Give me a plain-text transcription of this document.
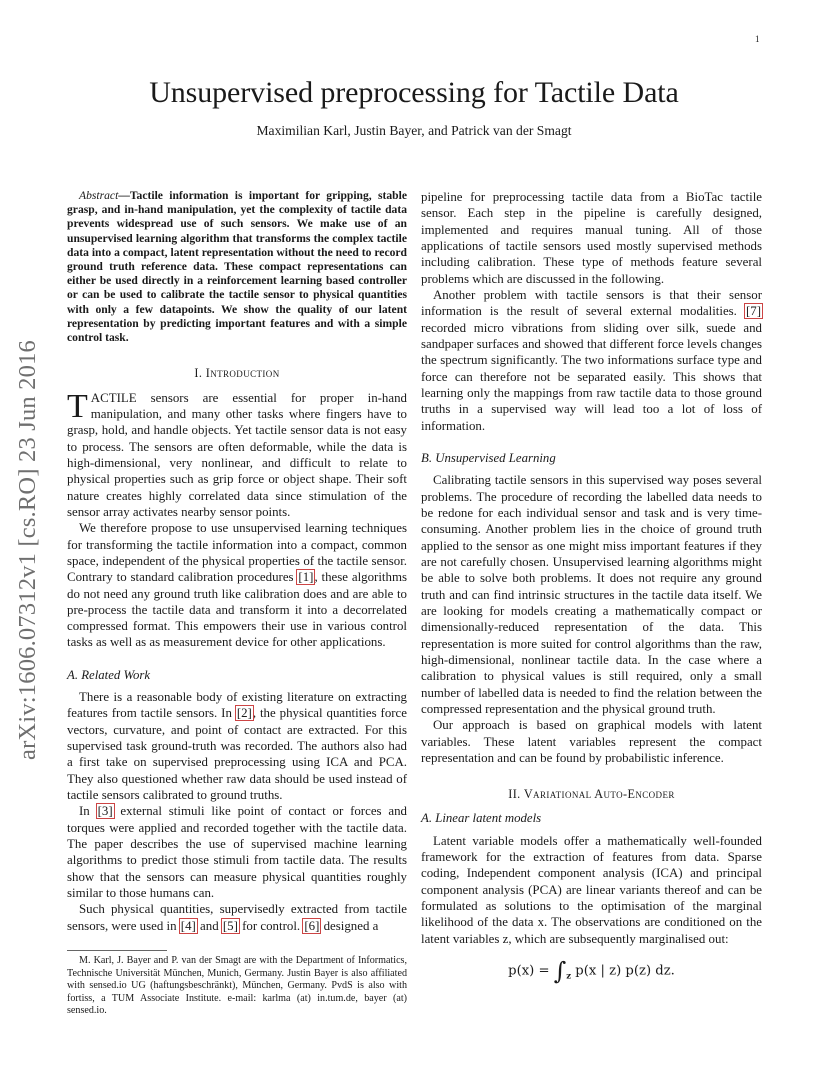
1
arXiv:1606.07312v1 [cs.RO] 23 Jun 2016
Unsupervised preprocessing for Tactile Data
Maximilian Karl, Justin Bayer, and Patrick van der Smagt

Abstract—Tactile information is important for gripping, stable grasp, and in-hand manipulation, yet the complexity of tactile data prevents widespread use of such sensors. We make use of an unsupervised learning algorithm that transforms the complex tactile data into a compact, latent representation without the need to record ground truth reference data. These compact representations can either be used directly in a reinforcement learning based controller or can be used to calibrate the tactile sensor to physical quantities with only a few datapoints. We show the quality of our latent representation by predicting important features and with a simple control task.

I. Introduction

TACTILE sensors are essential for proper in-hand manipulation, and many other tasks where fingers have to grasp, hold, and handle objects. Yet tactile sensor data is not easy to process. The sensors are often deformable, while the data is high-dimensional, very nonlinear, and difficult to relate to physical properties such as grip force or object shape. Their soft nature creates highly correlated data since stimulation of the sensor array activates nearby sensor points.

We therefore propose to use unsupervised learning techniques for transforming the tactile information into a compact, common space, independent of the physical properties of the tactile sensor. Contrary to standard calibration procedures [1], these algorithms do not need any ground truth like calibration does and are able to pre-process the tactile data and transform it into a decorrelated compressed format. This empowers their use in various control tasks as well as as measurement device for other applications.

A. Related Work

There is a reasonable body of existing literature on extracting features from tactile sensors. In [2], the physical quantities force vectors, curvature, and point of contact are extracted. For this supervised task ground-truth was recorded. The authors also had a first take on supervised preprocessing using ICA and PCA. They also questioned whether raw data should be used instead of tactile sensors calibrated to ground truths.

In [3] external stimuli like point of contact or forces and torques were applied and recorded together with the tactile data. The paper describes the use of supervised machine learning algorithms to predict those stimuli from tactile data. The results show that the sensors can measure physical quantities roughly similar to those humans can.

Such physical quantities, supervisedly extracted from tactile sensors, were used in [4] and [5] for control. [6] designed a

M. Karl, J. Bayer and P. van der Smagt are with the Department of Informatics, Technische Universität München, Munich, Germany. Justin Bayer is also affiliated with sensed.io UG (haftungsbeschränkt), München, Germany. PvdS is also with fortiss, a TUM Associate Institute. e-mail: karlma (at) in.tum.de, bayer (at) sensed.io.

pipeline for preprocessing tactile data from a BioTac tactile sensor. Each step in the pipeline is carefully designed, implemented and requires manual tuning. All of those applications of tactile sensors used mostly supervised methods including calibration. These type of methods feature several problems which are discussed in the following.

Another problem with tactile sensors is that their sensor information is the result of several external modalities. [7] recorded micro vibrations from sliding over silk, suede and sandpaper surfaces and showed that different force levels changes the spectrum significantly. The two informations surface type and force can therefore not be separated easily. This shows that learning only the mappings from raw tactile data to those ground truths in a supervised way will lead too a lot of loss of information.

B. Unsupervised Learning

Calibrating tactile sensors in this supervised way poses several problems. The procedure of recording the labelled data needs to be redone for each individual sensor and task and is very time-consuming. Another problem lies in the choice of ground truth applied to the sensor as one might miss important features if they are not carefully chosen. Unsupervised learning algorithms might be able to solve both problems. It does not require any ground truth and can find intrinsic structures in the tactile data itself. We are looking for models creating a mathematically compact or dimensionally-reduced representation of the data. This representation is more suited for control algorithms than the raw, high-dimensional, nonlinear tactile data. In the case where a calibration to physical values is still required, only a small number of labelled data is needed to find the relation between the compressed representation and the physical ground truth.

Our approach is based on graphical models with latent variables. These latent variables represent the compact representation and can be found by probabilistic inference.

II. Variational Auto-Encoder
A. Linear latent models

Latent variable models offer a mathematically well-founded framework for the extraction of features from data. Sparse coding, Independent component analysis (ICA) and principal component analysis (PCA) are linear variants thereof and can be formulated as solutions to the optimisation of the marginal likelihood of the data x. The observations are conditioned on the latent variables z, which are subsequently marginalised out:

$p(x) = \int_z$ p(x | z) p(z) dz.
